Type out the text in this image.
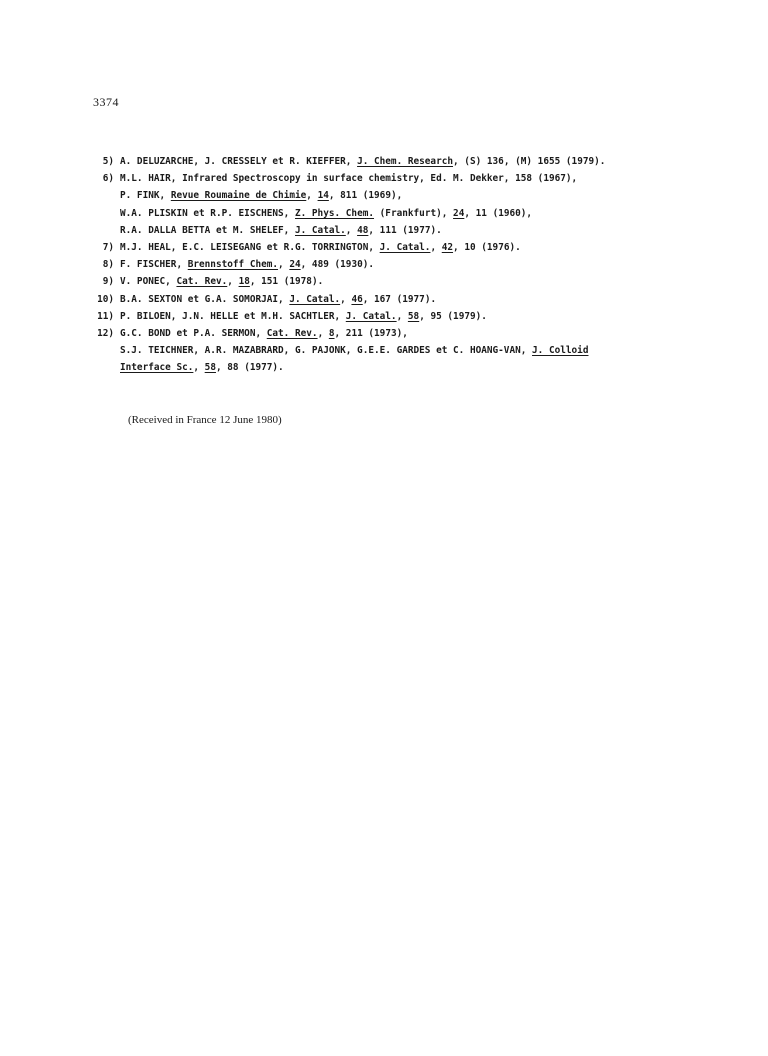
3374
5) A. DELUZARCHE, J. CRESSELY et R. KIEFFER, J. Chem. Research, (S) 136, (M) 1655 (1979).
6) M.L. HAIR, Infrared Spectroscopy in surface chemistry, Ed. M. Dekker, 158 (1967),
P. FINK, Revue Roumaine de Chimie, 14, 811 (1969),
W.A. PLISKIN et R.P. EISCHENS, Z. Phys. Chem. (Frankfurt), 24, 11 (1960),
R.A. DALLA BETTA et M. SHELEF, J. Catal., 48, 111 (1977).
7) M.J. HEAL, E.C. LEISEGANG et R.G. TORRINGTON, J. Catal., 42, 10 (1976).
8) F. FISCHER, Brennstoff Chem., 24, 489 (1930).
9) V. PONEC, Cat. Rev., 18, 151 (1978).
10) B.A. SEXTON et G.A. SOMORJAI, J. Catal., 46, 167 (1977).
11) P. BILOEN, J.N. HELLE et M.H. SACHTLER, J. Catal., 58, 95 (1979).
12) G.C. BOND et P.A. SERMON, Cat. Rev., 8, 211 (1973),
S.J. TEICHNER, A.R. MAZABRARD, G. PAJONK, G.E.E. GARDES et C. HOANG-VAN, J. Colloid
Interface Sc., 58, 88 (1977).
(Received in France 12 June 1980)
